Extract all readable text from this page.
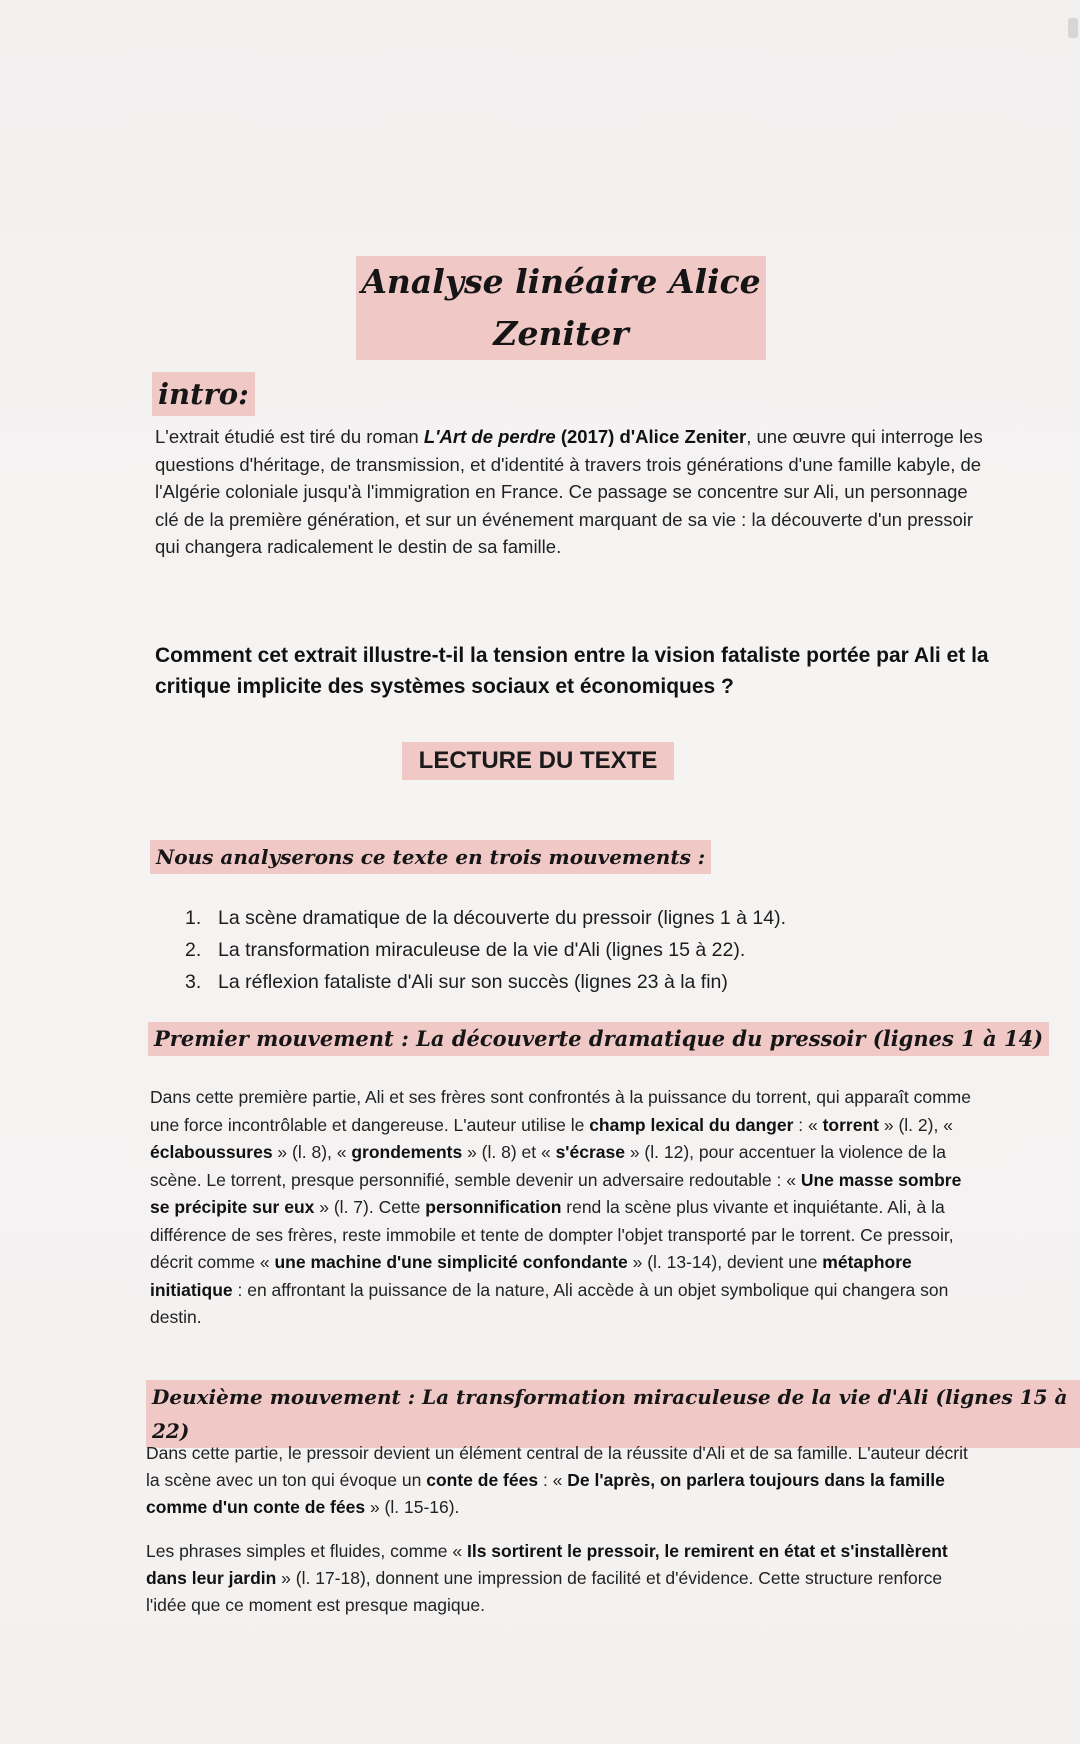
Analyse linéaire Alice Zeniter
intro:
L'extrait étudié est tiré du roman L'Art de perdre (2017) d'Alice Zeniter, une œuvre qui interroge les questions d'héritage, de transmission, et d'identité à travers trois générations d'une famille kabyle, de l'Algérie coloniale jusqu'à l'immigration en France. Ce passage se concentre sur Ali, un personnage clé de la première génération, et sur un événement marquant de sa vie : la découverte d'un pressoir qui changera radicalement le destin de sa famille.
Comment cet extrait illustre-t-il la tension entre la vision fataliste portée par Ali et la critique implicite des systèmes sociaux et économiques ?
LECTURE DU TEXTE
Nous analyserons ce texte en trois mouvements :
1. La scène dramatique de la découverte du pressoir (lignes 1 à 14).
2. La transformation miraculeuse de la vie d'Ali (lignes 15 à 22).
3. La réflexion fataliste d'Ali sur son succès (lignes 23 à la fin)
Premier mouvement : La découverte dramatique du pressoir (lignes 1 à 14)
Dans cette première partie, Ali et ses frères sont confrontés à la puissance du torrent, qui apparaît comme une force incontrôlable et dangereuse. L'auteur utilise le champ lexical du danger : « torrent » (l. 2), « éclaboussures » (l. 8), « grondements » (l. 8) et « s'écrase » (l. 12), pour accentuer la violence de la scène. Le torrent, presque personnifié, semble devenir un adversaire redoutable : « Une masse sombre se précipite sur eux » (l. 7). Cette personnification rend la scène plus vivante et inquiétante. Ali, à la différence de ses frères, reste immobile et tente de dompter l'objet transporté par le torrent. Ce pressoir, décrit comme « une machine d'une simplicité confondante » (l. 13-14), devient une métaphore initiatique : en affrontant la puissance de la nature, Ali accède à un objet symbolique qui changera son destin.
Deuxième mouvement : La transformation miraculeuse de la vie d'Ali (lignes 15 à 22)
Dans cette partie, le pressoir devient un élément central de la réussite d'Ali et de sa famille. L'auteur décrit la scène avec un ton qui évoque un conte de fées : « De l'après, on parlera toujours dans la famille comme d'un conte de fées » (l. 15-16).
Les phrases simples et fluides, comme « Ils sortirent le pressoir, le remirent en état et s'installèrent dans leur jardin » (l. 17-18), donnent une impression de facilité et d'évidence. Cette structure renforce l'idée que ce moment est presque magique.
